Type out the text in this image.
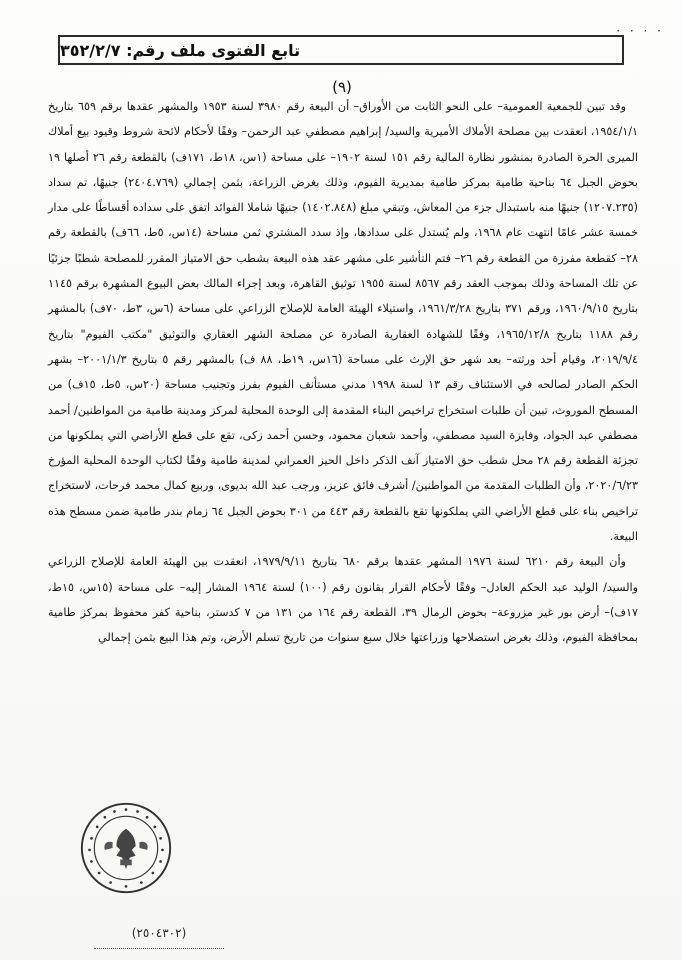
· · · ·
تابع الفتوى ملف رقم: ٣٥٢/٢/٧
(٩)

وقد تبين للجمعية العمومية– على النحو الثابت من الأوراق– أن البيعة رقم ٣٩٨٠ لسنة ١٩٥٣ والمشهر عقدها برقم ٦٥٩ بتاريخ ١٩٥٤/١/١، انعقدت بين مصلحة الأملاك الأميرية والسيد/ إبراهيم مصطفي عبد الرحمن– وفقًا لأحكام لائحة شروط وقيود بيع أملاك الميرى الحرة الصادرة بمنشور نظارة المالية رقم ١٥١ لسنة ١٩٠٢– على مساحة (١س، ١٨ط، ١٧١ف) بالقطعة رقم ٢٦ أصلها ١٩ بحوض الجبل ٦٤ بناحية طامية بمركز طامية بمديرية الفيوم، وذلك بغرض الزراعة، بثمن إجمالي (٢٤٠٤.٧٦٩) جنيهًا، تم سداد (١٢٠٧.٢٣٥) جنيهًا منه باستبدال جزء من المعاش، وتبقي مبلغ (١٤٠٢.٨٤٨) جنيهًا شاملا الفوائد اتفق على سداده أقساطًا على مدار خمسة عشر عامًا انتهت عام ١٩٦٨، ولم يُستدل على سدادها، وإذ سدد المشتري ثمن مساحة (١٤س، ٥ط، ٦٦ف) بالقطعة رقم ٢٨– كقطعة مفرزة من القطعة رقم ٢٦– فتم التأشير على مشهر عقد هذه البيعة بشطب حق الامتياز المقرر للمصلحة شطبًا جزئيًا عن تلك المساحة وذلك بموجب العقد رقم ٨٥٦٧ لسنة ١٩٥٥ توثيق القاهرة، وبعد إجراء المالك بعض البيوع المشهرة برقم ١١٤٥ بتاريخ ١٩٦٠/٩/١٥، ورقم ٣٧١ بتاريخ ١٩٦١/٣/٢٨، واستيلاء الهيئة العامة للإصلاح الزراعي على مساحة (٦س، ٣ط، ٧٠ف) بالمشهر رقم ١١٨٨ بتاريخ ١٩٦٥/١٢/٨، وفقًا للشهادة العقارية الصادرة عن مصلحة الشهر العقاري والتوثيق "مكتب الفيوم" بتاريخ ٢٠١٩/٩/٤، وقيام أحد ورثته– بعد شهر حق الإرث على مساحة (١٦س، ١٩ط، ٨٨ ف) بالمشهر رقم ٥ بتاريخ ٢٠٠١/١/٣– بشهر الحكم الصادر لصالحه في الاستئناف رقم ١٣ لسنة ١٩٩٨ مدني مستأنف الفيوم بفرز وتجنيب مساحة (٢٠س، ٥ط، ١٥ف) من المسطح الموروث، تبين أن طلبات استخراج تراخيص البناء المقدمة إلى الوحدة المحلية لمركز ومدينة طامية من المواطنين/ أحمد مصطفي عبد الجواد، وفايزة السيد مصطفي، وأحمد شعبان محمود، وحسن أحمد زكى، تقع على قطع الأراضي التي يملكونها من تجزئة القطعة رقم ٢٨ محل شطب حق الامتياز آنف الذكر داخل الحيز العمراني لمدينة طامية وفقًا لكتاب الوحدة المحلية المؤرخ ٢٠٢٠/٦/٢٣، وأن الطلبات المقدمة من المواطنين/ أشرف فائق عزيز، ورجب عبد الله بديوى، وربيع كمال محمد فرحات، لاستخراج تراخيص بناء على قطع الأراضي التي يملكونها تقع بالقطعة رقم ٤٤٣ من ٣٠١ بحوض الجبل ٦٤ زمام بندر طامية ضمن مسطح هذه البيعة.

وأن البيعة رقم ٦٢١٠ لسنة ١٩٧٦ المشهر عقدها برقم ٦٨٠ بتاريخ ١٩٧٩/٩/١١، انعقدت بين الهيئة العامة للإصلاح الزراعي والسيد/ الوليد عبد الحكم العادل– وفقًا لأحكام القرار بقانون رقم (١٠٠) لسنة ١٩٦٤ المشار إليه– على مساحة (١٥س، ١٥ط، ١٧ف)– أرض بور غير مزروعة– بحوض الرمال ٣٩، القطعة رقم ١٦٤ من ١٣١ من ٧ كدستر، بناحية كفر محفوظ بمركز طامية بمحافظة الفيوم، وذلك بغرض استصلاحها وزراعتها خلال سبع سنوات من تاريخ تسلم الأرض، وتم هذا البيع بثمن إجمالي

(٢٥٠٤٣٠٢)
